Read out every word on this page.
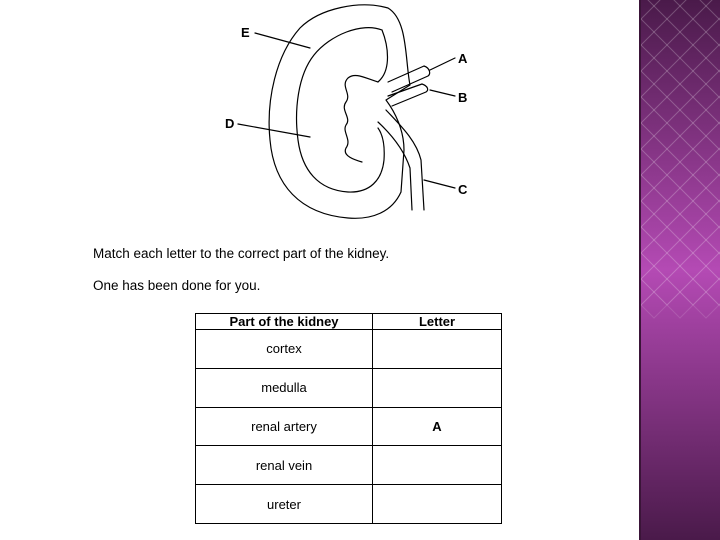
E
A
B
D
C
Match each letter to the correct part of the kidney.
One has been done for you.
Part of the kidney	Letter
cortex	
medulla	
renal artery	A
renal vein	
ureter	
